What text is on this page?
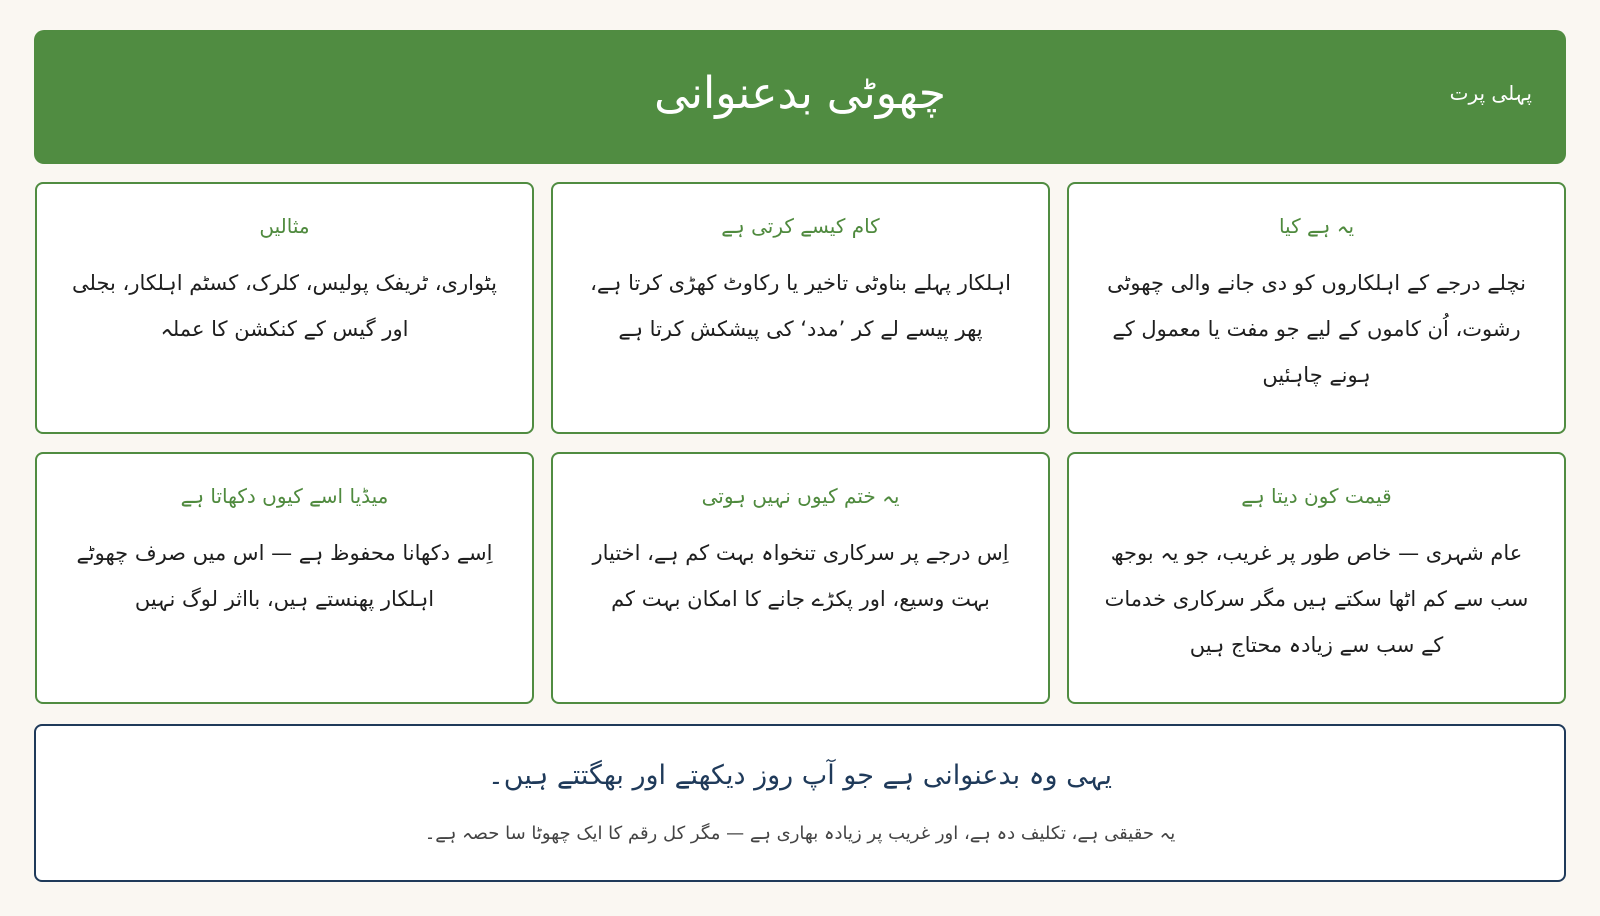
چھوٹی بدعنوانی	پہلی پرت
یہ ہے کیا

نچلے درجے کے اہلکاروں کو دی جانے والی چھوٹی رشوت، اُن کاموں کے لیے جو مفت یا معمول کے ہونے چاہئیں

کام کیسے کرتی ہے

اہلکار پہلے بناوٹی تاخیر یا رکاوٹ کھڑی کرتا ہے، پھر پیسے لے کر ’مدد‘ کی پیشکش کرتا ہے

مثالیں

پٹواری، ٹریفک پولیس، کلرک، کسٹم اہلکار، بجلی اور گیس کے کنکشن کا عملہ

قیمت کون دیتا ہے

عام شہری — خاص طور پر غریب، جو یہ بوجھ سب سے کم اٹھا سکتے ہیں مگر سرکاری خدمات کے سب سے زیادہ محتاج ہیں

یہ ختم کیوں نہیں ہوتی

اِس درجے پر سرکاری تنخواہ بہت کم ہے، اختیار بہت وسیع، اور پکڑے جانے کا امکان بہت کم

میڈیا اسے کیوں دکھاتا ہے

اِسے دکھانا محفوظ ہے — اس میں صرف چھوٹے اہلکار پھنستے ہیں، بااثر لوگ نہیں

یہی وہ بدعنوانی ہے جو آپ روز دیکھتے اور بھگتتے ہیں۔

یہ حقیقی ہے، تکلیف دہ ہے، اور غریب پر زیادہ بھاری ہے — مگر کل رقم کا ایک چھوٹا سا حصہ ہے۔
